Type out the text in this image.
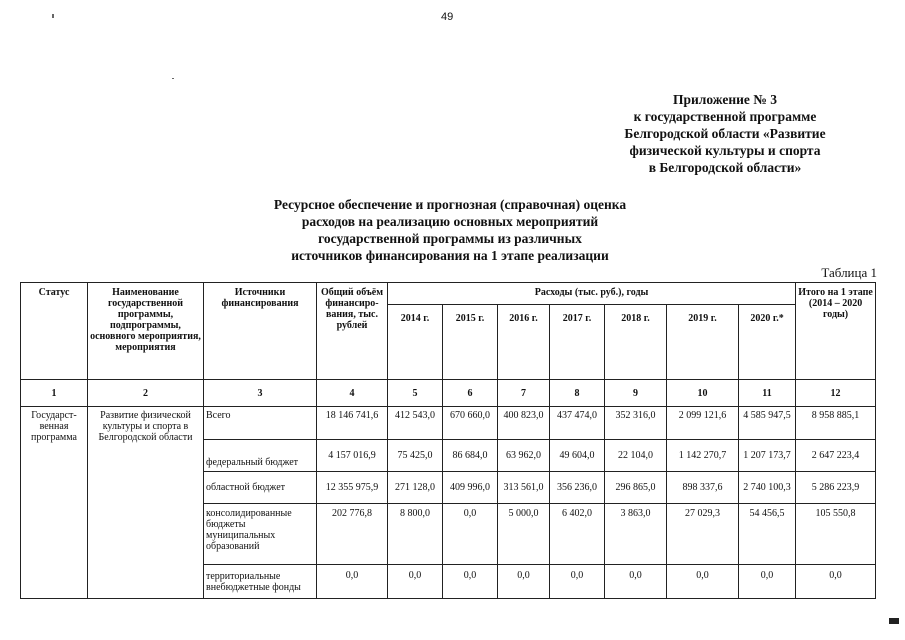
49
Приложение № 3
к государственной программе
Белгородской области «Развитие
физической культуры и спорта
в Белгородской области»
Ресурсное обеспечение и прогнозная (справочная) оценка
расходов на реализацию основных мероприятий
государственной программы из различных
источников финансирования на 1 этапе реализации
Таблица 1
Статус	Наименование государственной программы, подпрограммы, основного мероприятия, мероприятия	Источники финансирования	Общий объём финансиро-вания, тыс. рублей	Расходы (тыс. руб.), годы							Итого на 1 этапе (2014 – 2020 годы)
				2014 г.	2015 г.	2016 г.	2017 г.	2018 г.	2019 г.	2020 г.*	
1	2	3	4	5	6	7	8	9	10	11	12
Государст-венная программа	Развитие физической культуры и спорта в Белгородской области	Всего	18 146 741,6	412 543,0	670 660,0	400 823,0	437 474,0	352 316,0	2 099 121,6	4 585 947,5	8 958 885,1
		федеральный бюджет	4 157 016,9	75 425,0	86 684,0	63 962,0	49 604,0	22 104,0	1 142 270,7	1 207 173,7	2 647 223,4
		областной бюджет	12 355 975,9	271 128,0	409 996,0	313 561,0	356 236,0	296 865,0	898 337,6	2 740 100,3	5 286 223,9
		консолидированные бюджеты муниципальных образований	202 776,8	8 800,0	0,0	5 000,0	6 402,0	3 863,0	27 029,3	54 456,5	105 550,8
		территориальные внебюджетные фонды	0,0	0,0	0,0	0,0	0,0	0,0	0,0	0,0	0,0
